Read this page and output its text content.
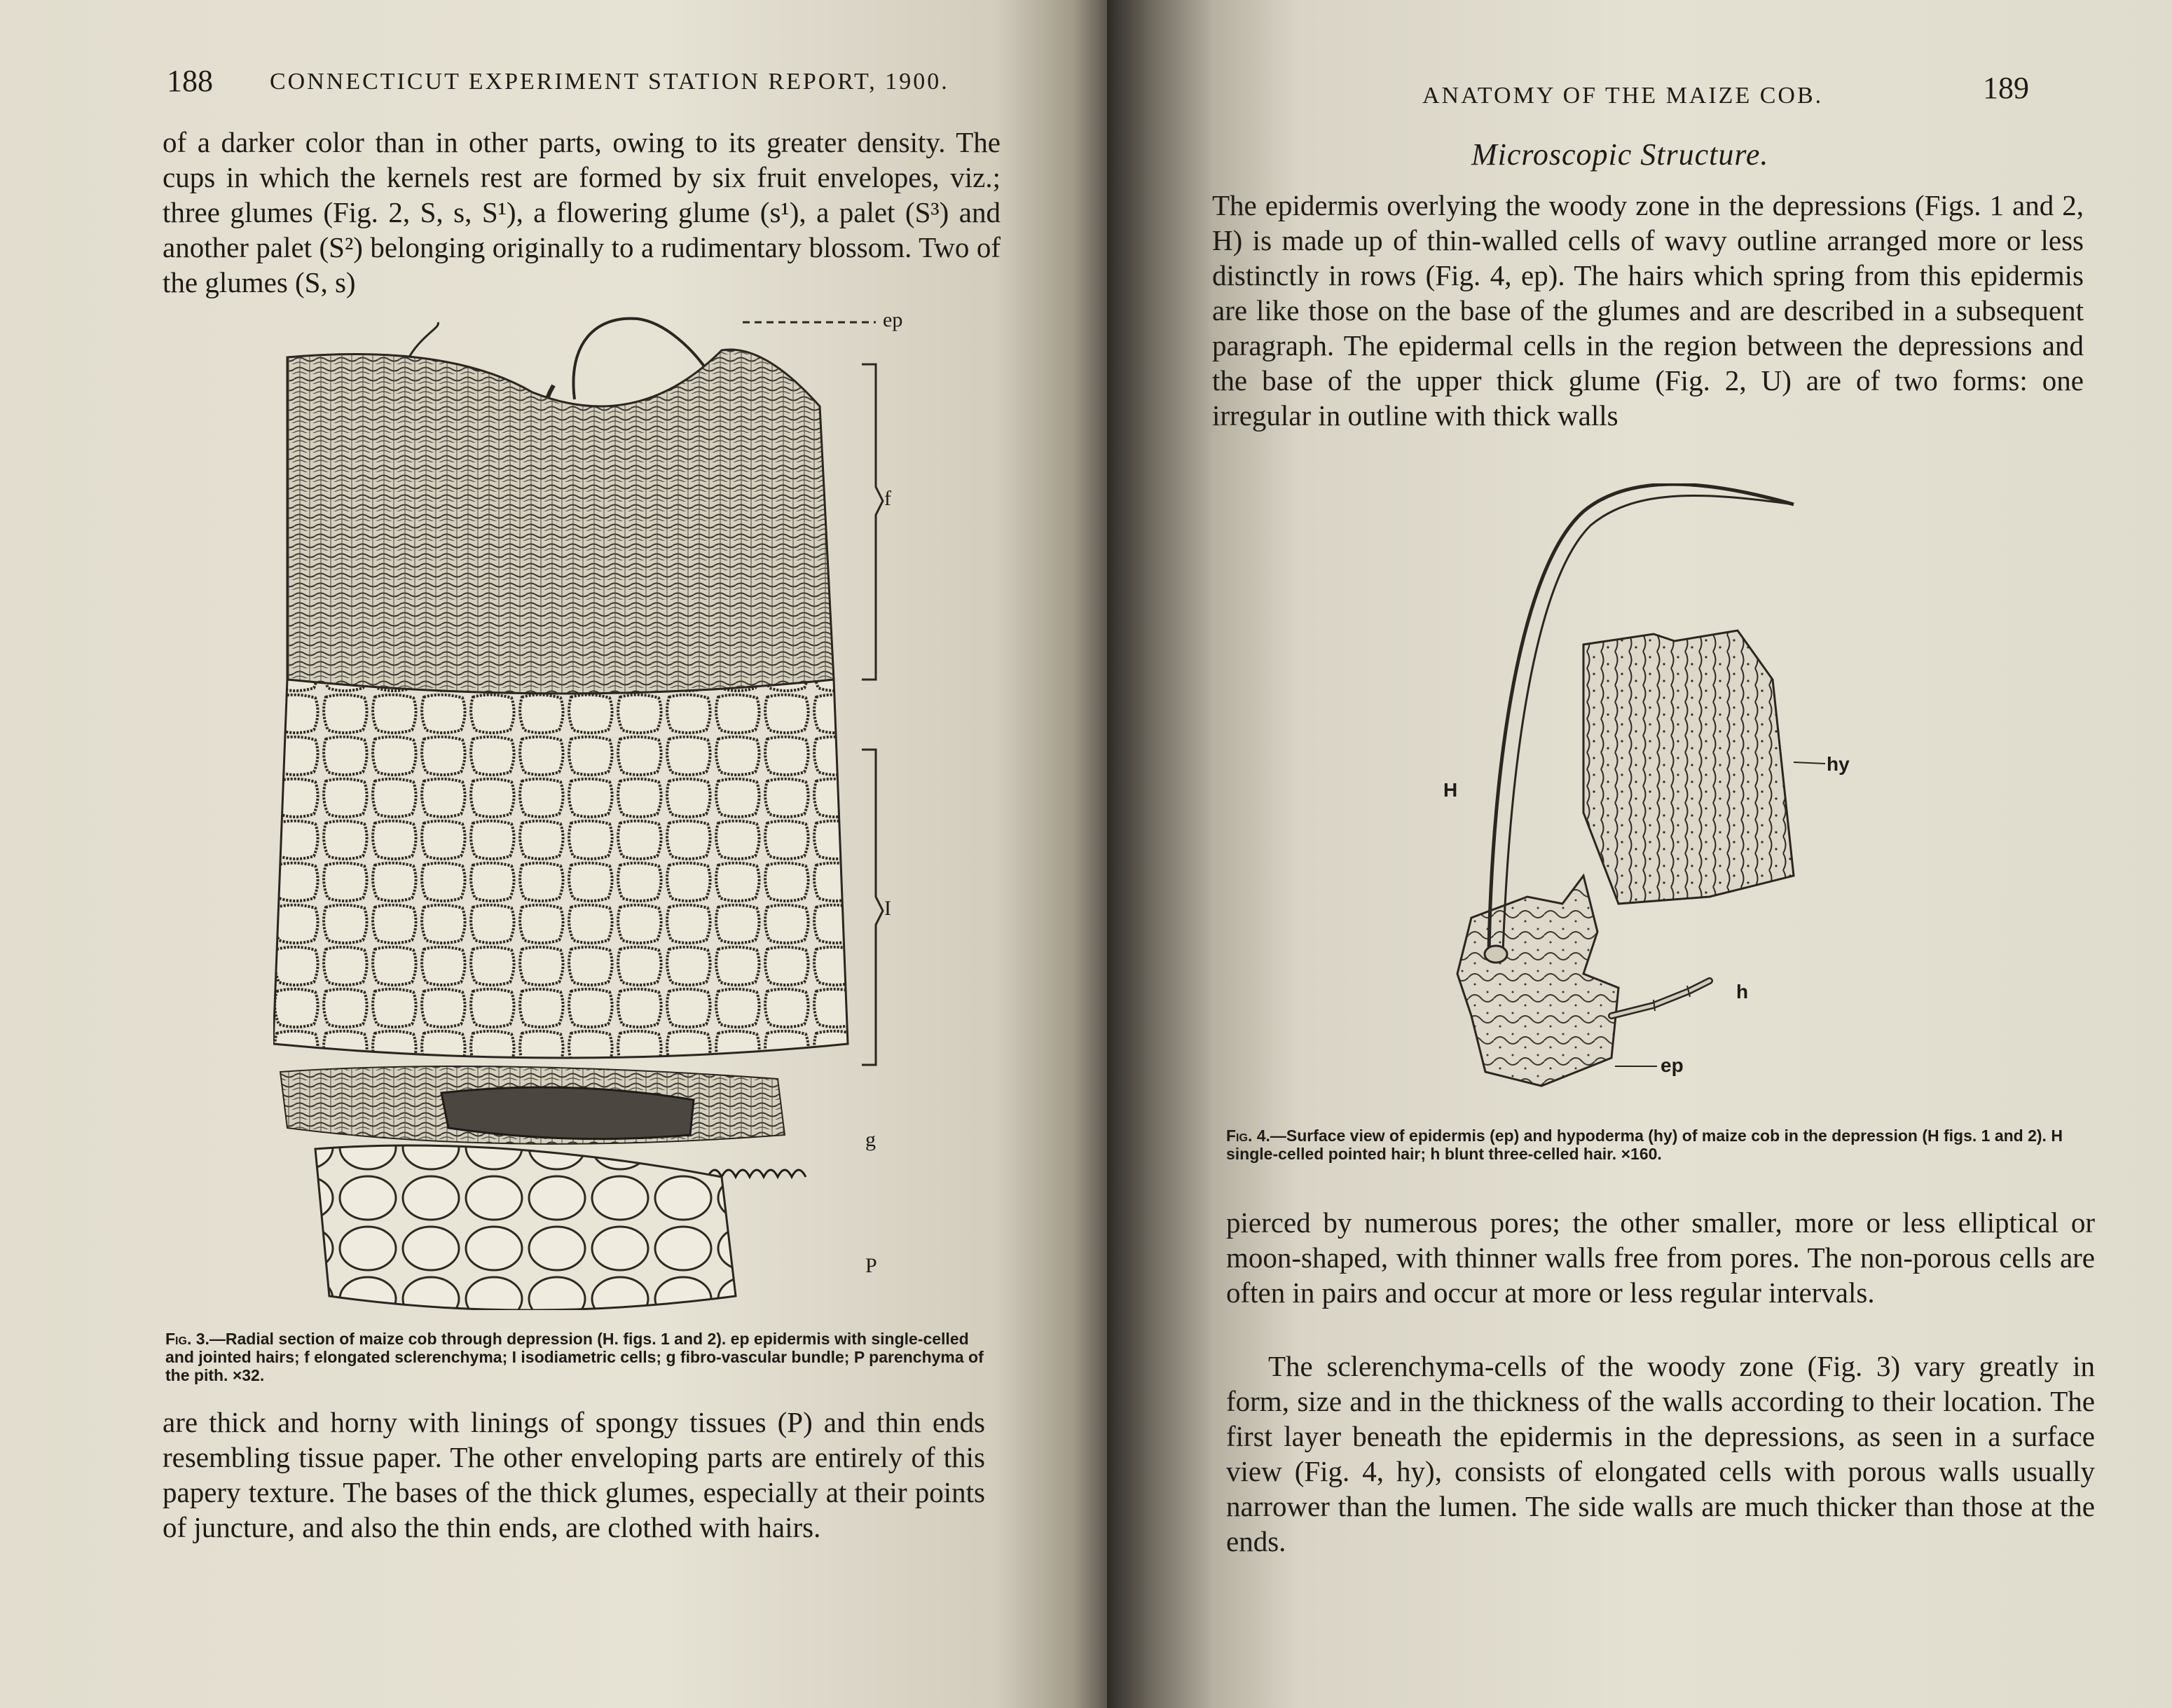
188 CONNECTICUT EXPERIMENT STATION REPORT, 1900.

of a darker color than in other parts, owing to its greater density. The cups in which the kernels rest are formed by six fruit envelopes, viz.; three glumes (Fig. 2, S, s, S¹), a flowering glume (s¹), a palet (S³) and another palet (S²) belonging originally to a rudimentary blossom. Two of the glumes (S, s)

ep
f
I
g
P
Fig. 3.—Radial section of maize cob through depression (H. figs. 1 and 2). ep epidermis with single-celled and jointed hairs; f elongated sclerenchyma; I isodiametric cells; g fibro-vascular bundle; P parenchyma of the pith. ×32.

are thick and horny with linings of spongy tissues (P) and thin ends resembling tissue paper. The other enveloping parts are entirely of this papery texture. The bases of the thick glumes, especially at their points of juncture, and also the thin ends, are clothed with hairs.

ANATOMY OF THE MAIZE COB.	189
Microscopic Structure.

The epidermis overlying the woody zone in the depressions (Figs. 1 and 2, H) is made up of thin-walled cells of wavy outline arranged more or less distinctly in rows (Fig. 4, ep). The hairs which spring from this epidermis are like those on the base of the glumes and are described in a subsequent paragraph. The epidermal cells in the region between the depressions and the base of the upper thick glume (Fig. 2, U) are of two forms: one irregular in outline with thick walls

H
hy
h
ep
Fig. 4.—Surface view of epidermis (ep) and hypoderma (hy) of maize cob in the depression (H figs. 1 and 2). H single-celled pointed hair; h blunt three-celled hair. ×160.

pierced by numerous pores; the other smaller, more or less elliptical or moon-shaped, with thinner walls free from pores. The non-porous cells are often in pairs and occur at more or less regular intervals.

The sclerenchyma-cells of the woody zone (Fig. 3) vary greatly in form, size and in the thickness of the walls according to their location. The first layer beneath the epidermis in the depressions, as seen in a surface view (Fig. 4, hy), consists of elongated cells with porous walls usually narrower than the lumen. The side walls are much thicker than those at the ends.
